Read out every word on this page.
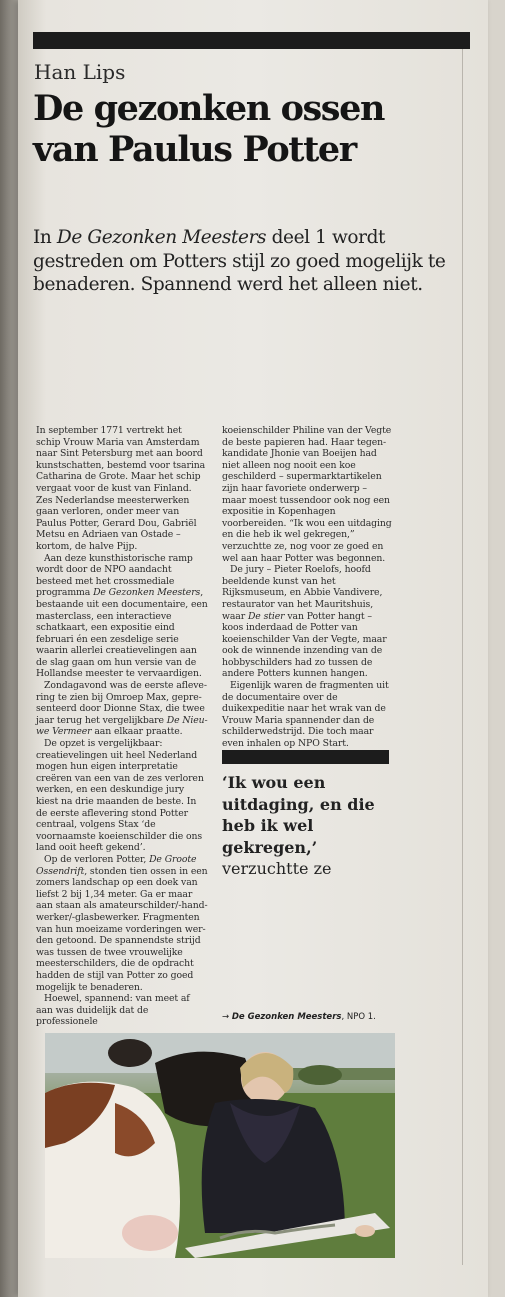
Han Lips
De gezonken ossen van Paulus Potter
In De Gezonken Meesters deel 1 wordt gestreden om Potters stijl zo goed mogelijk te benaderen. Spannend werd het alleen niet.

In september 1771 vertrekt het schip Vrouw Maria van Amsterdam naar Sint Petersburg met aan boord kunstschatten, bestemd voor tsarina Catharina de Grote. Maar het schip vergaat voor de kust van Finland. Zes Nederlandse meesterwerken gaan verloren, onder meer van Paulus Potter, Gerard Dou, Gabriël Metsu en Adriaen van Ostade – kortom, de halve Pijp.

Aan deze kunsthistorische ramp wordt door de NPO aandacht besteed met het crossmediale programma De Gezonken Meesters, bestaande uit een documentaire, een masterclass, een interactieve schatkaart, een expositie eind februari én een zesdelige serie waarin allerlei creatievelingen aan de slag gaan om hun versie van de Hollandse meester te vervaardigen.

Zondagavond was de eerste aflevering te zien bij Omroep Max, gepresenteerd door Dionne Stax, die twee jaar terug het vergelijkbare De Nieuwe Vermeer aan elkaar praatte.

De opzet is vergelijkbaar: creatievelingen uit heel Nederland mogen hun eigen interpretatie creëren van een van de zes verloren werken, en een deskundige jury kiest na drie maanden de beste. In de eerste aflevering stond Potter centraal, volgens Stax ‘de voornaamste koeienschilder die ons land ooit heeft gekend’.

Op de verloren Potter, De Groote Ossendrift, stonden tien ossen in een zomers landschap op een doek van liefst 2 bij 1,34 meter. Ga er maar aan staan als amateurschilder/-handwerker/-glasbewerker. Fragmenten van hun moeizame vorderingen werden getoond. De spannendste strijd was tussen de twee vrouwelijke meesterschilders, die de opdracht hadden de stijl van Potter zo goed mogelijk te benaderen.

Hoewel, spannend: van meet af aan was duidelijk dat de professionele

koeienschilder Philine van der Vegte de beste papieren had. Haar tegenkandidate Jhonie van Boeijen had niet alleen nog nooit een koe geschilderd – supermarktartikelen zijn haar favoriete onderwerp – maar moest tussendoor ook nog een expositie in Kopenhagen voorbereiden. “Ik wou een uitdaging en die heb ik wel gekregen,” verzuchtte ze, nog voor ze goed en wel aan haar Potter was begonnen.

De jury – Pieter Roelofs, hoofd beeldende kunst van het Rijksmuseum, en Abbie Vandivere, restaurator van het Mauritshuis, waar De stier van Potter hangt – koos inderdaad de Potter van koeienschilder Van der Vegte, maar ook de winnende inzending van de hobbyschilders had zo tussen de andere Potters kunnen hangen.

Eigenlijk waren de fragmenten uit de documentaire over de duikexpeditie naar het wrak van de Vrouw Maria spannender dan de schilderwedstrijd. Die toch maar even inhalen op NPO Start.

‘Ik wou een uitdaging, en die heb ik wel gekregen,’ verzuchtte ze
→ De Gezonken Meesters, NPO 1.
